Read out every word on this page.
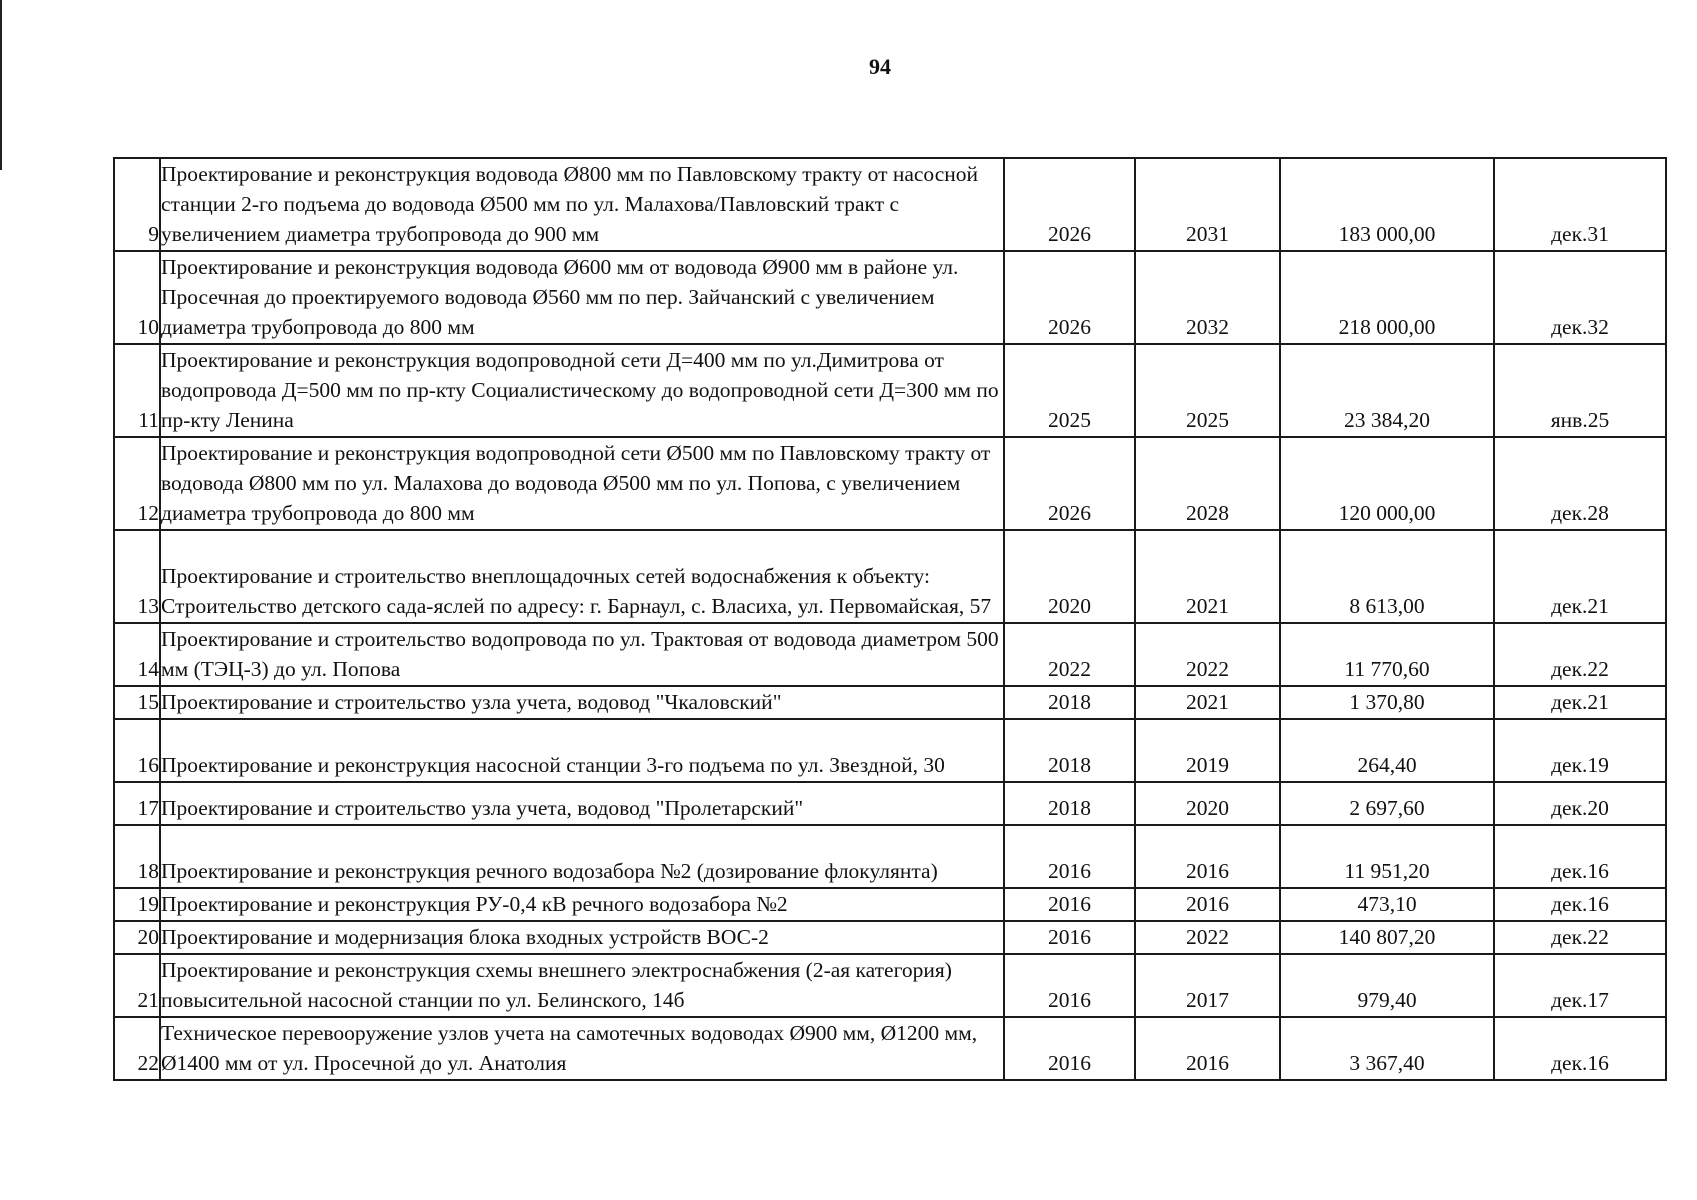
94
9	Проектирование и реконструкция водовода Ø800 мм по Павловскому тракту от насосной станции 2-го подъема до водовода Ø500 мм по ул. Малахова/Павловский тракт с увеличением диаметра трубопровода до 900 мм	2026	2031	183 000,00	дек.31
10	Проектирование и реконструкция водовода Ø600 мм от водовода Ø900 мм в районе ул. Просечная до проектируемого водовода Ø560 мм по пер. Зайчанский с увеличением диаметра трубопровода до 800 мм	2026	2032	218 000,00	дек.32
11	Проектирование и реконструкция водопроводной сети Д=400 мм по ул.Димитрова от водопровода Д=500 мм по пр-кту Социалистическому до водопроводной сети Д=300 мм по пр-кту Ленина	2025	2025	23 384,20	янв.25
12	Проектирование и реконструкция водопроводной сети Ø500 мм по Павловскому тракту от водовода Ø800 мм по ул. Малахова до водовода Ø500 мм по ул. Попова, с увеличением диаметра трубопровода до 800 мм	2026	2028	120 000,00	дек.28
13	Проектирование и строительство внеплощадочных сетей водоснабжения к объекту: Строительство детского сада-яслей по адресу: г. Барнаул, с. Власиха, ул. Первомайская, 57	2020	2021	8 613,00	дек.21
14	Проектирование и строительство водопровода по ул. Трактовая от водовода диаметром 500 мм (ТЭЦ-3) до ул. Попова	2022	2022	11 770,60	дек.22
15	Проектирование и строительство узла учета, водовод "Чкаловский"	2018	2021	1 370,80	дек.21
16	Проектирование и реконструкция насосной станции 3-го подъема по ул. Звездной, 30	2018	2019	264,40	дек.19
17	Проектирование и строительство узла учета, водовод "Пролетарский"	2018	2020	2 697,60	дек.20
18	Проектирование и реконструкция речного водозабора №2 (дозирование флокулянта)	2016	2016	11 951,20	дек.16
19	Проектирование и реконструкция РУ-0,4 кВ речного водозабора №2	2016	2016	473,10	дек.16
20	Проектирование и модернизация блока входных устройств ВОС-2	2016	2022	140 807,20	дек.22
21	Проектирование и реконструкция схемы внешнего электроснабжения (2-ая категория) повысительной насосной станции по ул. Белинского, 14б	2016	2017	979,40	дек.17
22	Техническое перевооружение узлов учета на самотечных водоводах Ø900 мм, Ø1200 мм, Ø1400 мм от ул. Просечной до ул. Анатолия	2016	2016	3 367,40	дек.16
